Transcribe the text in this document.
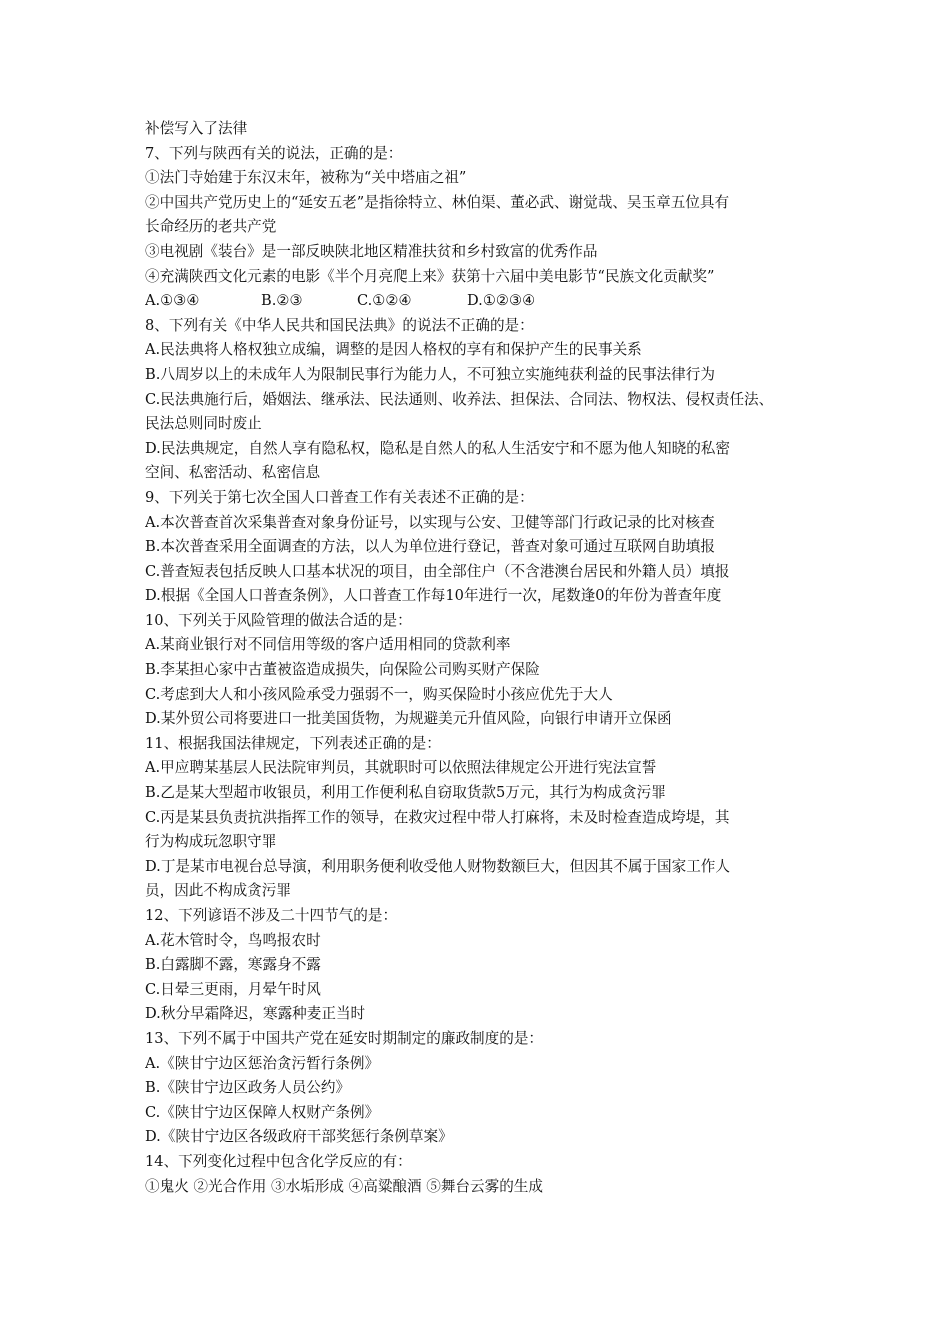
补偿写入了法律
7、下列与陕西有关的说法，正确的是：
①法门寺始建于东汉末年，被称为“关中塔庙之祖”
②中国共产党历史上的“延安五老”是指徐特立、林伯渠、董必武、谢觉哉、吴玉章五位具有
长命经历的老共产党
③电视剧《装台》是一部反映陕北地区精准扶贫和乡村致富的优秀作品
④充满陕西文化元素的电影《半个月亮爬上来》获第十六届中美电影节“民族文化贡献奖”
A.①③④	B.②③	C.①②④	D.①②③④
8、下列有关《中华人民共和国民法典》的说法不正确的是：
A.民法典将人格权独立成编，调整的是因人格权的享有和保护产生的民事关系
B.八周岁以上的未成年人为限制民事行为能力人，不可独立实施纯获利益的民事法律行为
C.民法典施行后，婚姻法、继承法、民法通则、收养法、担保法、合同法、物权法、侵权责任法、
民法总则同时废止
D.民法典规定，自然人享有隐私权，隐私是自然人的私人生活安宁和不愿为他人知晓的私密
空间、私密活动、私密信息
9、下列关于第七次全国人口普查工作有关表述不正确的是：
A.本次普查首次采集普查对象身份证号，以实现与公安、卫健等部门行政记录的比对核查
B.本次普查采用全面调查的方法，以人为单位进行登记，普查对象可通过互联网自助填报
C.普查短表包括反映人口基本状况的项目，由全部住户（不含港澳台居民和外籍人员）填报
D.根据《全国人口普查条例》，人口普查工作每10年进行一次，尾数逢0的年份为普查年度
10、下列关于风险管理的做法合适的是：
A.某商业银行对不同信用等级的客户适用相同的贷款利率
B.李某担心家中古董被盗造成损失，向保险公司购买财产保险
C.考虑到大人和小孩风险承受力强弱不一，购买保险时小孩应优先于大人
D.某外贸公司将要进口一批美国货物，为规避美元升值风险，向银行申请开立保函
11、根据我国法律规定，下列表述正确的是：
A.甲应聘某基层人民法院审判员，其就职时可以依照法律规定公开进行宪法宣誓
B.乙是某大型超市收银员，利用工作便利私自窃取货款5万元，其行为构成贪污罪
C.丙是某县负责抗洪指挥工作的领导，在救灾过程中带人打麻将，未及时检查造成垮堤，其
行为构成玩忽职守罪
D.丁是某市电视台总导演，利用职务便利收受他人财物数额巨大，但因其不属于国家工作人
员，因此不构成贪污罪
12、下列谚语不涉及二十四节气的是：
A.花木管时令，鸟鸣报农时
B.白露脚不露，寒露身不露
C.日晕三更雨，月晕午时风
D.秋分早霜降迟，寒露种麦正当时
13、下列不属于中国共产党在延安时期制定的廉政制度的是：
A.《陕甘宁边区惩治贪污暂行条例》
B.《陕甘宁边区政务人员公约》
C.《陕甘宁边区保障人权财产条例》
D.《陕甘宁边区各级政府干部奖惩行条例草案》
14、下列变化过程中包含化学反应的有：
①鬼火 ②光合作用 ③水垢形成 ④高粱酿酒 ⑤舞台云雾的生成
